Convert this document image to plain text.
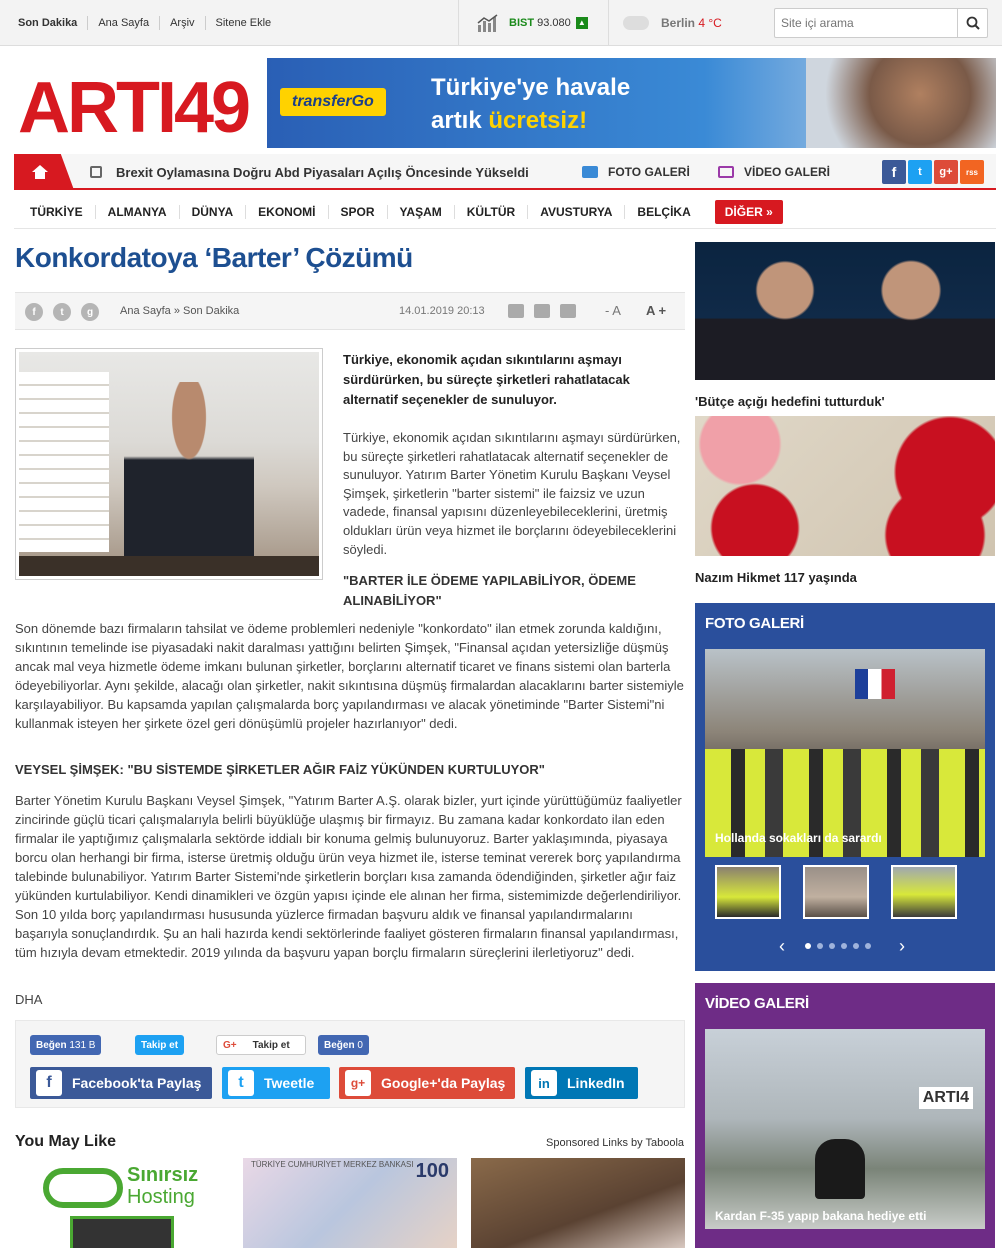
Son Dakika	Ana Sayfa	Arşiv	Sitene Ekle	BIST
93.080 ▲	Berlin
4 °C
Site içi arama
ARTI49	transferGo
Türkiye'ye havale
artık ücretsiz!
Brexit Oylamasına Doğru Abd Piyasaları Açılış Öncesinde Yükseldi	FOTO GALERİ	VİDEO GALERİ	f	t	g+	rss
TÜRKİYE	ALMANYA	DÜNYA	EKONOMİ	SPOR	YAŞAM	KÜLTÜR	AVUSTURYA	BELÇİKA	DİĞER »
Konkordatoya ‘Barter’ Çözümü
f	t	g	Ana Sayfa » Son Dakika	14.01.2019 20:13	- A A +
Türkiye, ekonomik açıdan sıkıntılarını aşmayı sürdürürken, bu süreçte şirketleri rahatlatacak alternatif seçenekler de sunuluyor.
Türkiye, ekonomik açıdan sıkıntılarını aşmayı sürdürürken, bu süreçte şirketleri rahatlatacak alternatif seçenekler de sunuluyor. Yatırım Barter Yönetim Kurulu Başkanı Veysel Şimşek, şirketlerin "barter sistemi" ile faizsiz ve uzun vadede, finansal yapısını düzenleyebileceklerini, üretmiş oldukları ürün veya hizmet ile borçlarını ödeyebileceklerini söyledi.
"BARTER İLE ÖDEME YAPILABİLİYOR, ÖDEME ALINABİLİYOR"
Son dönemde bazı firmaların tahsilat ve ödeme problemleri nedeniyle "konkordato" ilan etmek zorunda kaldığını, sıkıntının temelinde ise piyasadaki nakit daralması yattığını belirten Şimşek, "Finansal açıdan yetersizliğe düşmüş ancak mal veya hizmetle ödeme imkanı bulunan şirketler, borçlarını alternatif ticaret ve finans sistemi olan barterla ödeyebiliyorlar. Aynı şekilde, alacağı olan şirketler, nakit sıkıntısına düşmüş firmalardan alacaklarını barter sistemiyle karşılayabiliyor. Bu kapsamda yapılan çalışmalarda borç yapılandırması ve alacak yönetiminde "Barter Sistemi"ni kullanmak isteyen her şirkete özel geri dönüşümlü projeler hazırlanıyor" dedi.
VEYSEL ŞİMŞEK: "BU SİSTEMDE ŞİRKETLER AĞIR FAİZ YÜKÜNDEN KURTULUYOR"
Barter Yönetim Kurulu Başkanı Veysel Şimşek, "Yatırım Barter A.Ş. olarak bizler, yurt içinde yürüttüğümüz faaliyetler zincirinde güçlü ticari çalışmalarıyla belirli büyüklüğe ulaşmış bir firmayız. Bu zamana kadar konkordato ilan eden firmalar ile yaptığımız çalışmalarla sektörde iddialı bir konuma gelmiş bulunuyoruz. Barter yaklaşımında, piyasaya borcu olan herhangi bir firma, isterse üretmiş olduğu ürün veya hizmet ile, isterse teminat vererek borç yapılandırma talebinde bulunabiliyor. Yatırım Barter Sistemi'nde şirketlerin borçları kısa zamanda ödendiğinden, şirketler ağır faiz yükünden kurtulabiliyor. Kendi dinamikleri ve özgün yapısı içinde ele alınan her firma, sistemimizde değerlendiriliyor. Son 10 yılda borç yapılandırması hususunda yüzlerce firmadan başvuru aldık ve finansal yapılandırmalarını başarıyla sonuçlandırdık. Şu an hali hazırda kendi sektörlerinde faaliyet gösteren firmaların finansal yapılandırması, tüm hızıyla devam etmektedir. 2019 yılında da başvuru yapan borçlu firmaların süreçlerini ilerletiyoruz" dedi.
DHA
Beğen
131 B	Takip et	G+ Takip et	Beğen
0
f	Facebook'ta Paylaş	t	Tweetle	g+	Google+'da Paylaş	in	LinkedIn
You May Like	Sponsored Links by Taboola
Sınırsız
Hosting
TÜRKİYE CUMHURİYET MERKEZ BANKASI 100
'Bütçe açığı hedefini tutturduk'
Nazım Hikmet 117 yaşında
FOTO GALERİ
Hollanda sokakları da sarardı
‹	›
VİDEO GALERİ
ARTI4
Kardan F-35 yapıp bakana hediye etti
